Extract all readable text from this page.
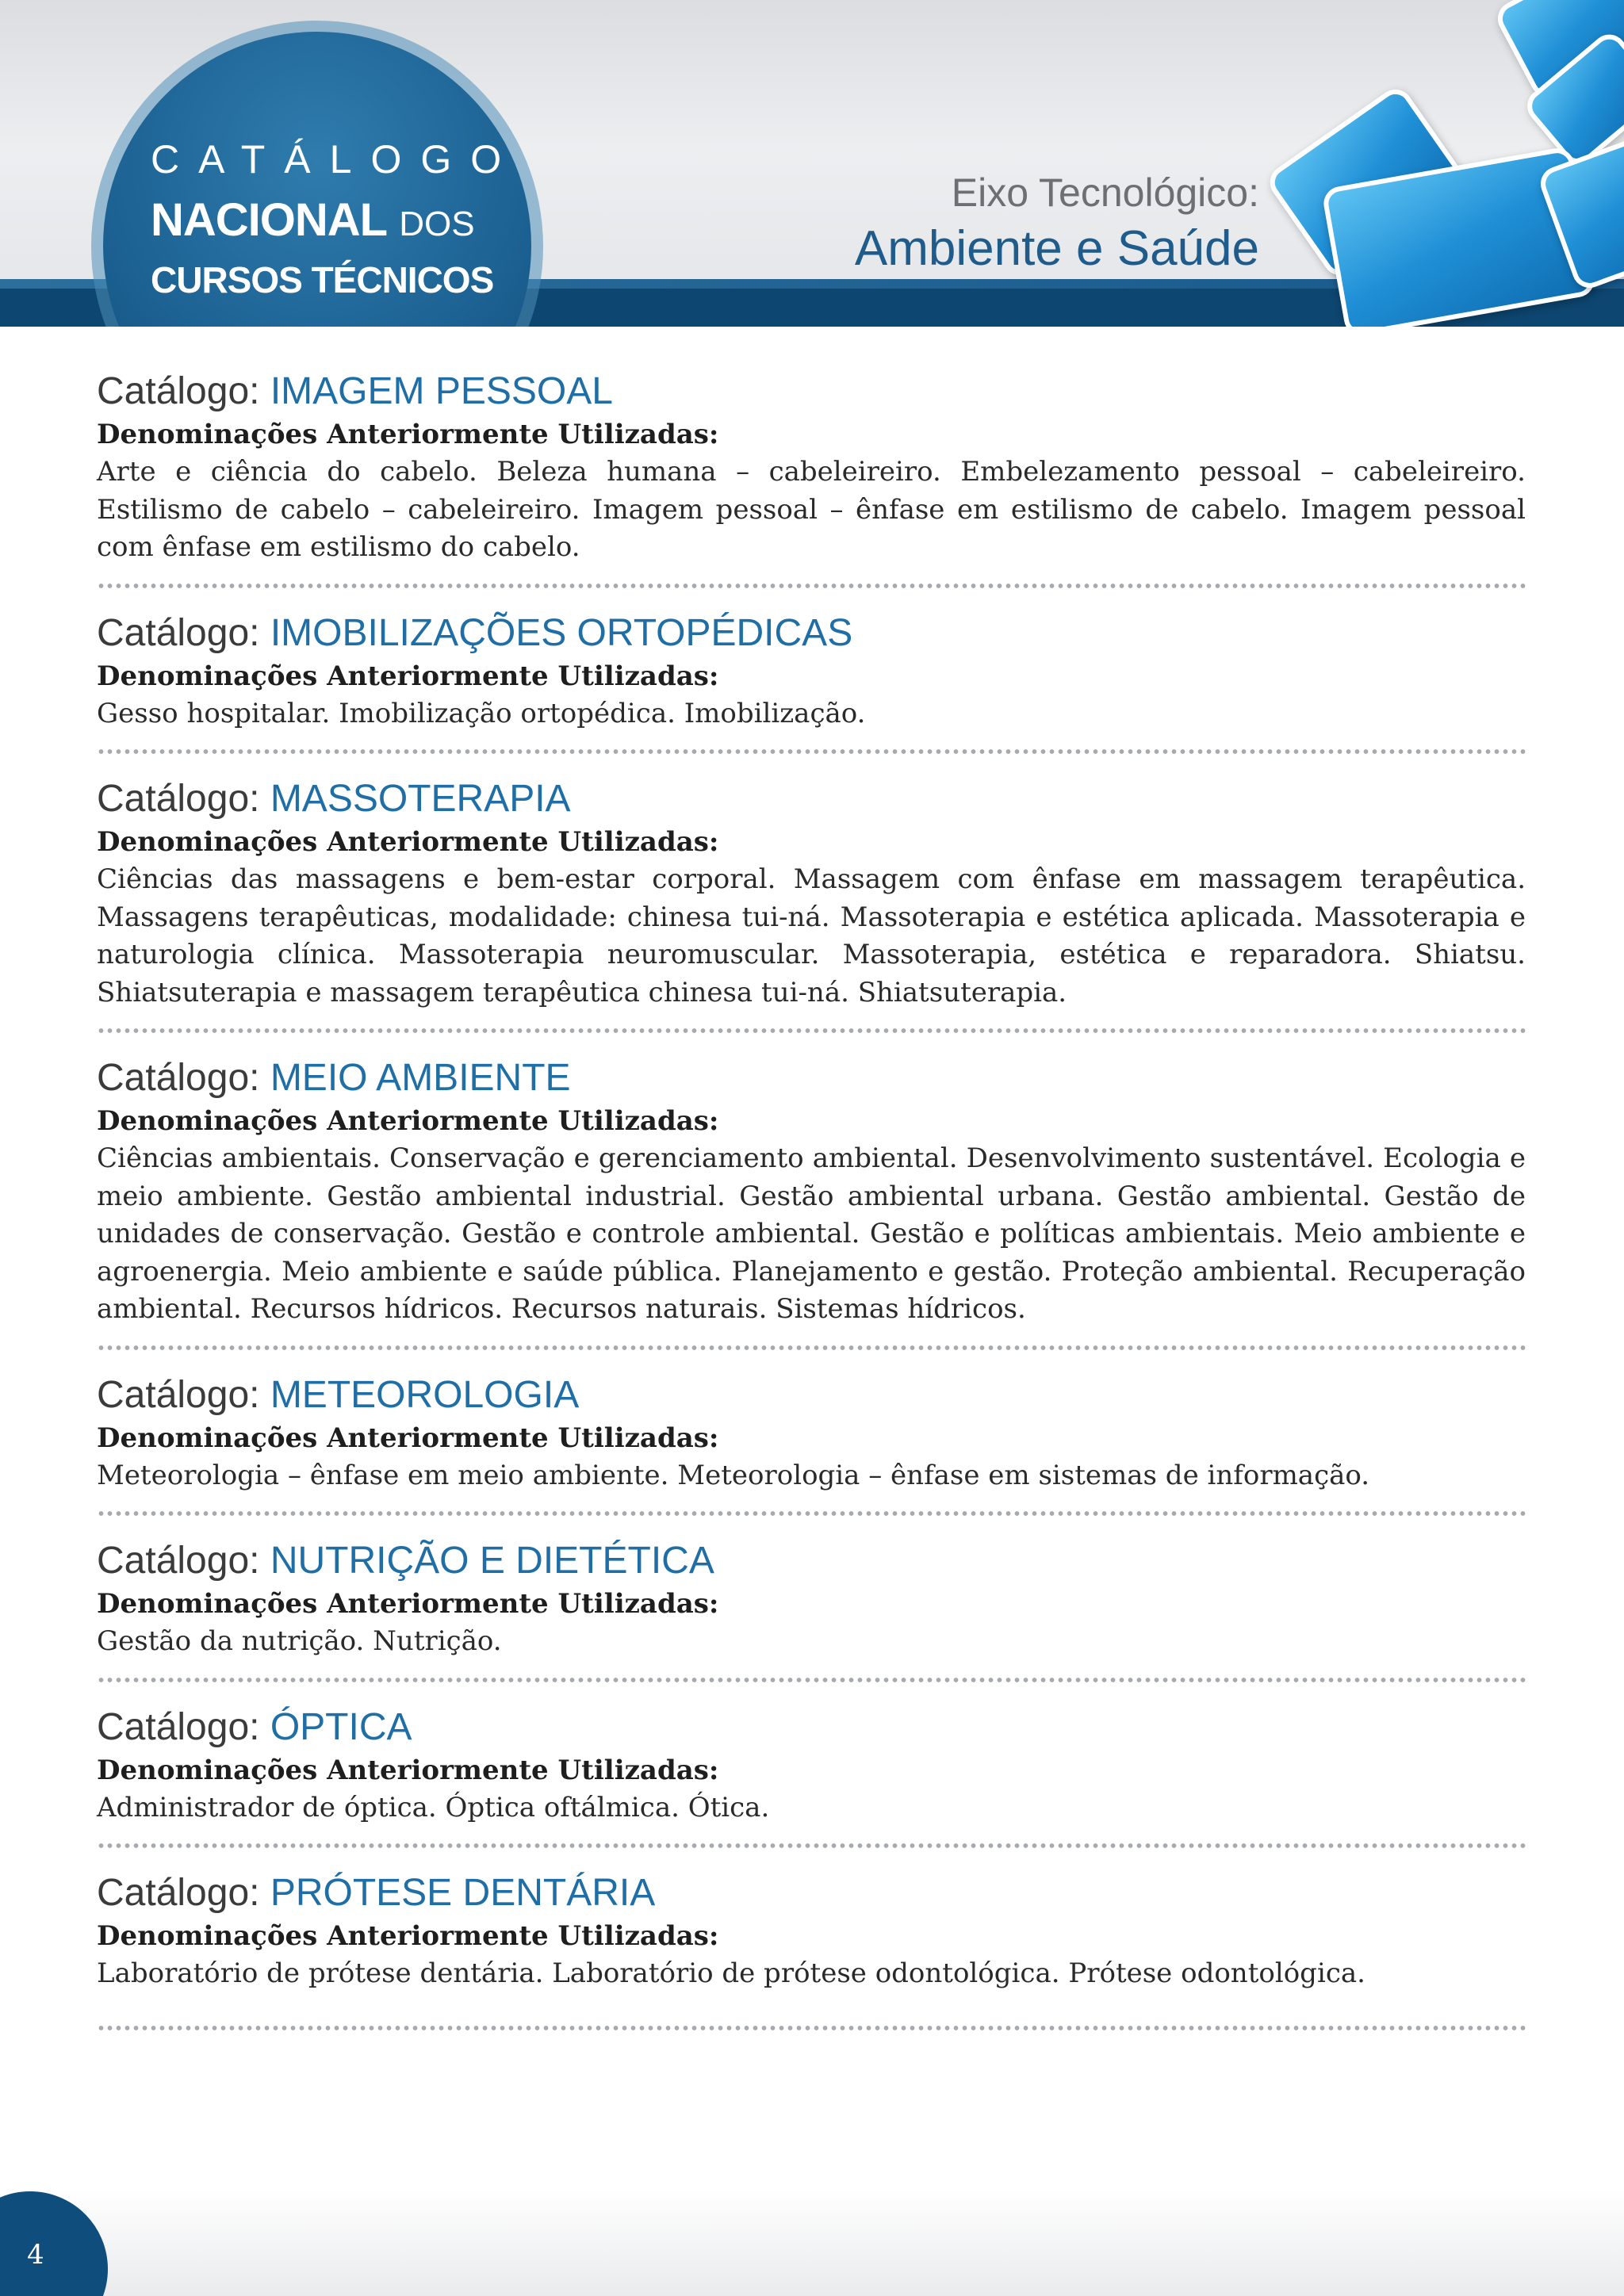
CATÁLOGO
NACIONAL DOS
CURSOS TÉCNICOS
Eixo Tecnológico:
Ambiente e Saúde
Catálogo: IMAGEM PESSOAL
Denominações Anteriormente Utilizadas:
Arte e ciência do cabelo. Beleza humana – cabeleireiro. Embelezamento pessoal – cabeleireiro. Estilismo de cabelo – cabeleireiro. Imagem pessoal – ênfase em estilismo de cabelo. Imagem pessoal com ênfase em estilismo do cabelo.
Catálogo: IMOBILIZAÇÕES ORTOPÉDICAS
Denominações Anteriormente Utilizadas:
Gesso hospitalar. Imobilização ortopédica. Imobilização.
Catálogo: MASSOTERAPIA
Denominações Anteriormente Utilizadas:
Ciências das massagens e bem-estar corporal. Massagem com ênfase em massagem terapêutica. Massagens terapêuticas, modalidade: chinesa tui-ná. Massoterapia e estética aplicada. Massoterapia e naturologia clínica. Massoterapia neuromuscular. Massoterapia, estética e reparadora. Shiatsu. Shiatsuterapia e massagem terapêutica chinesa tui-ná. Shiatsuterapia.
Catálogo: MEIO AMBIENTE
Denominações Anteriormente Utilizadas:
Ciências ambientais. Conservação e gerenciamento ambiental. Desenvolvimento sustentável. Ecologia e meio ambiente. Gestão ambiental industrial. Gestão ambiental urbana. Gestão ambiental. Gestão de unidades de conservação. Gestão e controle ambiental. Gestão e políticas ambientais. Meio ambiente e agroenergia. Meio ambiente e saúde pública. Planejamento e gestão. Proteção ambiental. Recuperação ambiental. Recursos hídricos. Recursos naturais. Sistemas hídricos.
Catálogo: METEOROLOGIA
Denominações Anteriormente Utilizadas:
Meteorologia – ênfase em meio ambiente. Meteorologia – ênfase em sistemas de informação.
Catálogo: NUTRIÇÃO E DIETÉTICA
Denominações Anteriormente Utilizadas:
Gestão da nutrição. Nutrição.
Catálogo: ÓPTICA
Denominações Anteriormente Utilizadas:
Administrador de óptica. Óptica oftálmica. Ótica.
Catálogo: PRÓTESE DENTÁRIA
Denominações Anteriormente Utilizadas:
Laboratório de prótese dentária. Laboratório de prótese odontológica. Prótese odontológica.
4
